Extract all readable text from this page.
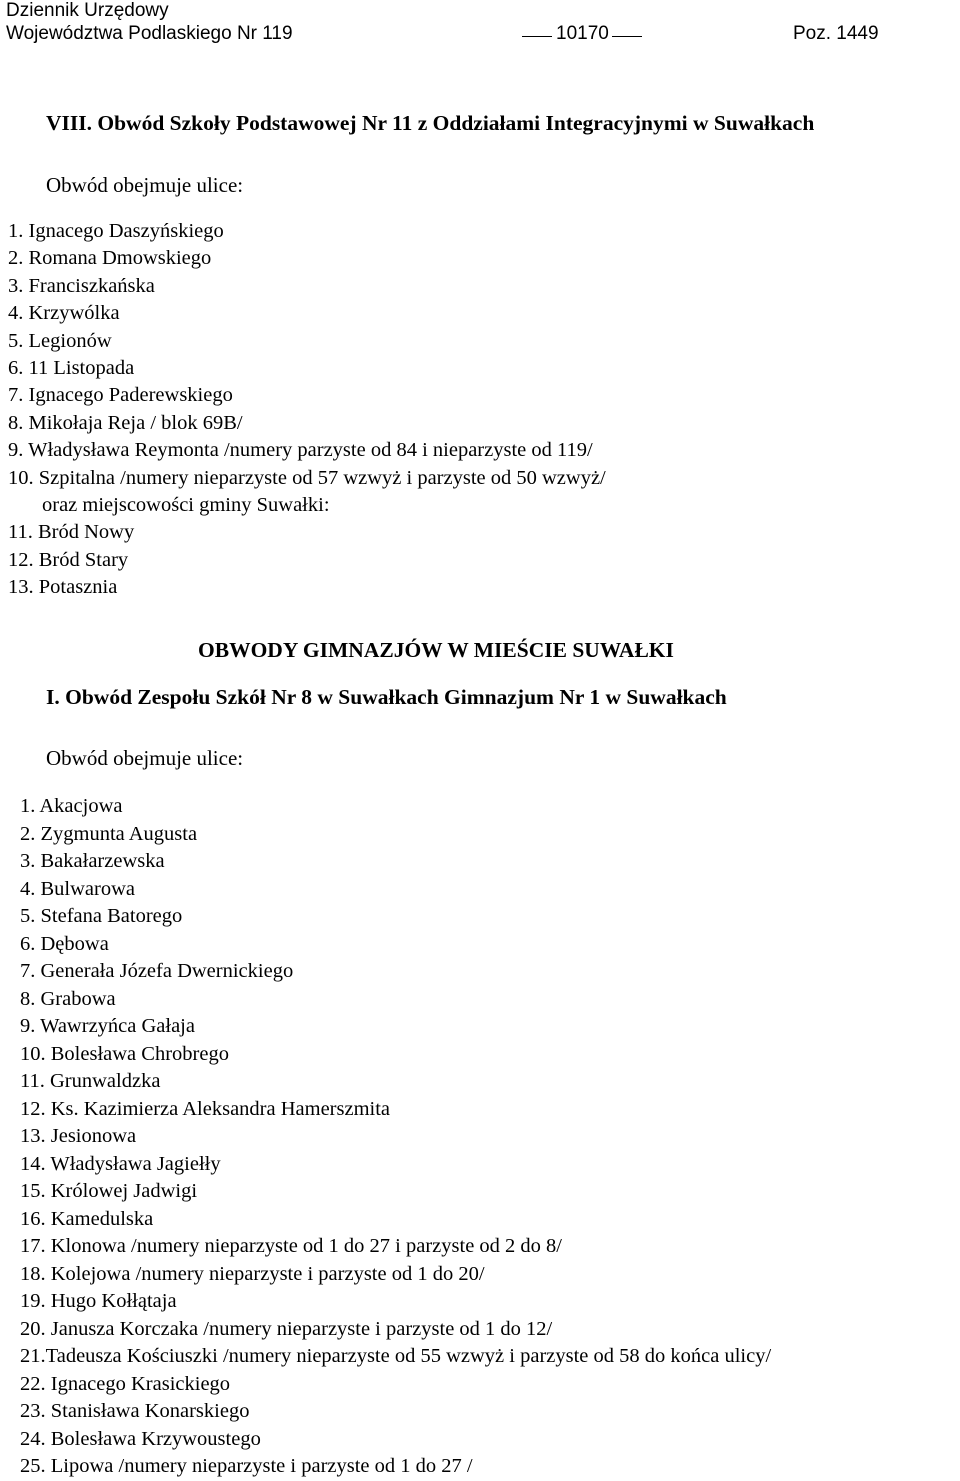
Dziennik Urzędowy
Województwa Podlaskiego Nr 119	10170	Poz. 1449
VIII. Obwód Szkoły Podstawowej Nr 11 z Oddziałami Integracyjnymi w Suwałkach
Obwód obejmuje ulice:
1. Ignacego Daszyńskiego
2. Romana Dmowskiego
3. Franciszkańska
4. Krzywólka
5. Legionów
6. 11 Listopada
7. Ignacego Paderewskiego
8. Mikołaja Reja / blok 69B/
9. Władysława Reymonta /numery parzyste od 84 i nieparzyste od 119/
10. Szpitalna /numery nieparzyste od 57 wzwyż i parzyste od 50 wzwyż/
oraz miejscowości gminy Suwałki:
11. Bród Nowy
12. Bród Stary
13. Potasznia
OBWODY GIMNAZJÓW W MIEŚCIE SUWAŁKI
I. Obwód Zespołu Szkół Nr 8 w Suwałkach Gimnazjum Nr 1 w Suwałkach
Obwód obejmuje ulice:
1. Akacjowa
2. Zygmunta Augusta
3. Bakałarzewska
4. Bulwarowa
5. Stefana Batorego
6. Dębowa
7. Generała Józefa Dwernickiego
8. Grabowa
9. Wawrzyńca Gałaja
10. Bolesława Chrobrego
11. Grunwaldzka
12. Ks. Kazimierza Aleksandra Hamerszmita
13. Jesionowa
14. Władysława Jagiełły
15. Królowej Jadwigi
16. Kamedulska
17. Klonowa /numery nieparzyste od 1 do 27 i parzyste od 2 do 8/
18. Kolejowa /numery nieparzyste i parzyste od 1 do 20/
19. Hugo Kołłątaja
20. Janusza Korczaka /numery nieparzyste i parzyste od 1 do 12/
21.Tadeusza Kościuszki /numery nieparzyste od 55 wzwyż i parzyste od 58 do końca ulicy/
22. Ignacego Krasickiego
23. Stanisława Konarskiego
24. Bolesława Krzywoustego
25. Lipowa /numery nieparzyste i parzyste od 1 do 27 /
